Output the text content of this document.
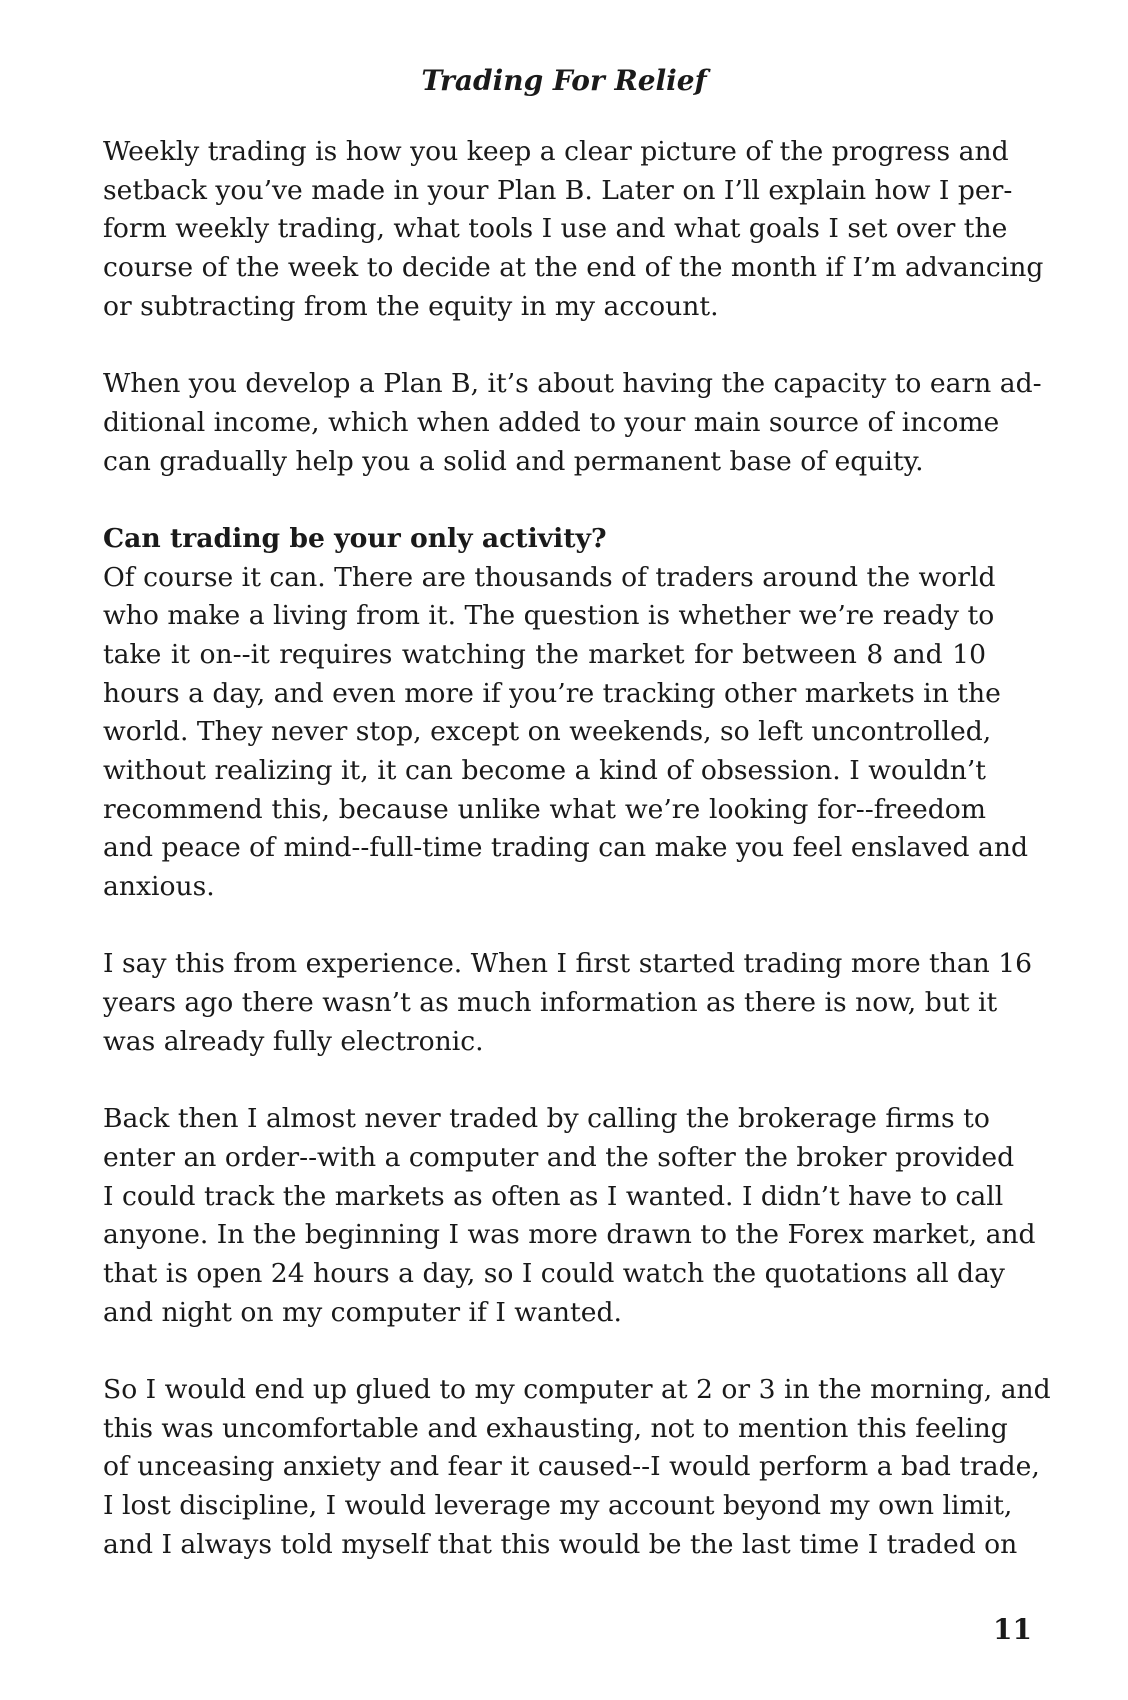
Trading For Relief
Weekly trading is how you keep a clear picture of the progress and
setback you’ve made in your Plan B. Later on I’ll explain how I per-
form weekly trading, what tools I use and what goals I set over the
course of the week to decide at the end of the month if I’m advancing
or subtracting from the equity in my account.
When you develop a Plan B, it’s about having the capacity to earn ad-
ditional income, which when added to your main source of income
can gradually help you a solid and permanent base of equity.
Can trading be your only activity?
Of course it can. There are thousands of traders around the world
who make a living from it. The question is whether we’re ready to
take it on--it requires watching the market for between 8 and 10
hours a day, and even more if you’re tracking other markets in the
world. They never stop, except on weekends, so left uncontrolled,
without realizing it, it can become a kind of obsession. I wouldn’t
recommend this, because unlike what we’re looking for--freedom
and peace of mind--full-time trading can make you feel enslaved and
anxious.
I say this from experience. When I first started trading more than 16
years ago there wasn’t as much information as there is now, but it
was already fully electronic.
Back then I almost never traded by calling the brokerage firms to
enter an order--with a computer and the softer the broker provided
I could track the markets as often as I wanted. I didn’t have to call
anyone. In the beginning I was more drawn to the Forex market, and
that is open 24 hours a day, so I could watch the quotations all day
and night on my computer if I wanted.
So I would end up glued to my computer at 2 or 3 in the morning, and
this was uncomfortable and exhausting, not to mention this feeling
of unceasing anxiety and fear it caused--I would perform a bad trade,
I lost discipline, I would leverage my account beyond my own limit,
and I always told myself that this would be the last time I traded on
11
